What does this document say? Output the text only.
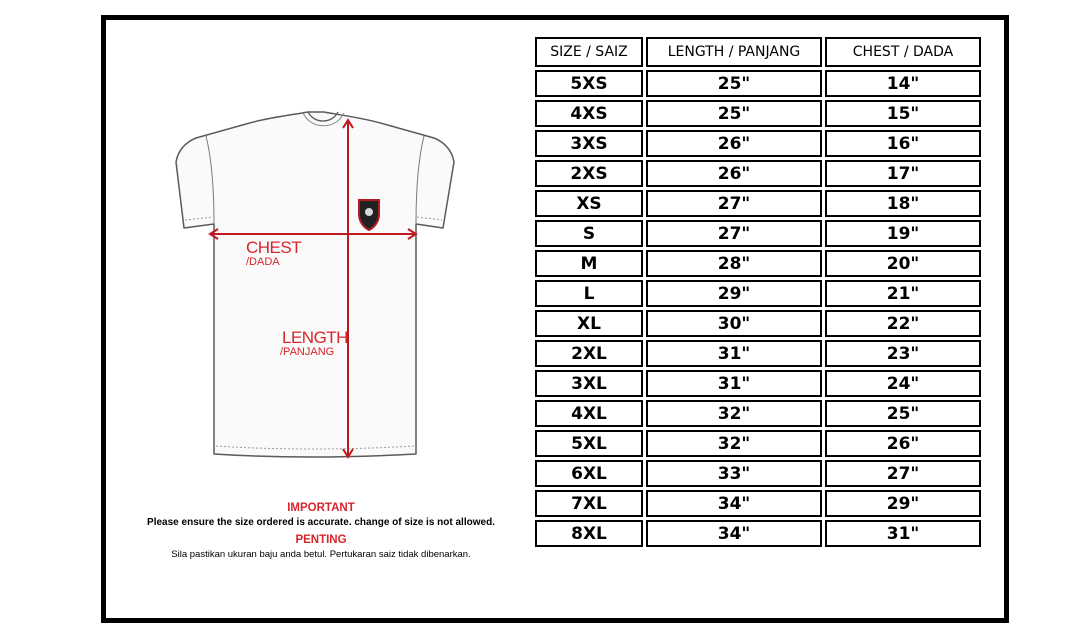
CHEST
/DADA
LENGTH
/PANJANG
IMPORTANT
Please ensure the size ordered is accurate. change of size is not allowed.
PENTING
Sila pastikan ukuran baju anda betul. Pertukaran saiz tidak dibenarkan.
SIZE / SAIZ	LENGTH / PANJANG	CHEST / DADA
5XS	25"	14"
4XS	25"	15"
3XS	26"	16"
2XS	26"	17"
XS	27"	18"
S	27"	19"
M	28"	20"
L	29"	21"
XL	30"	22"
2XL	31"	23"
3XL	31"	24"
4XL	32"	25"
5XL	32"	26"
6XL	33"	27"
7XL	34"	29"
8XL	34"	31"
